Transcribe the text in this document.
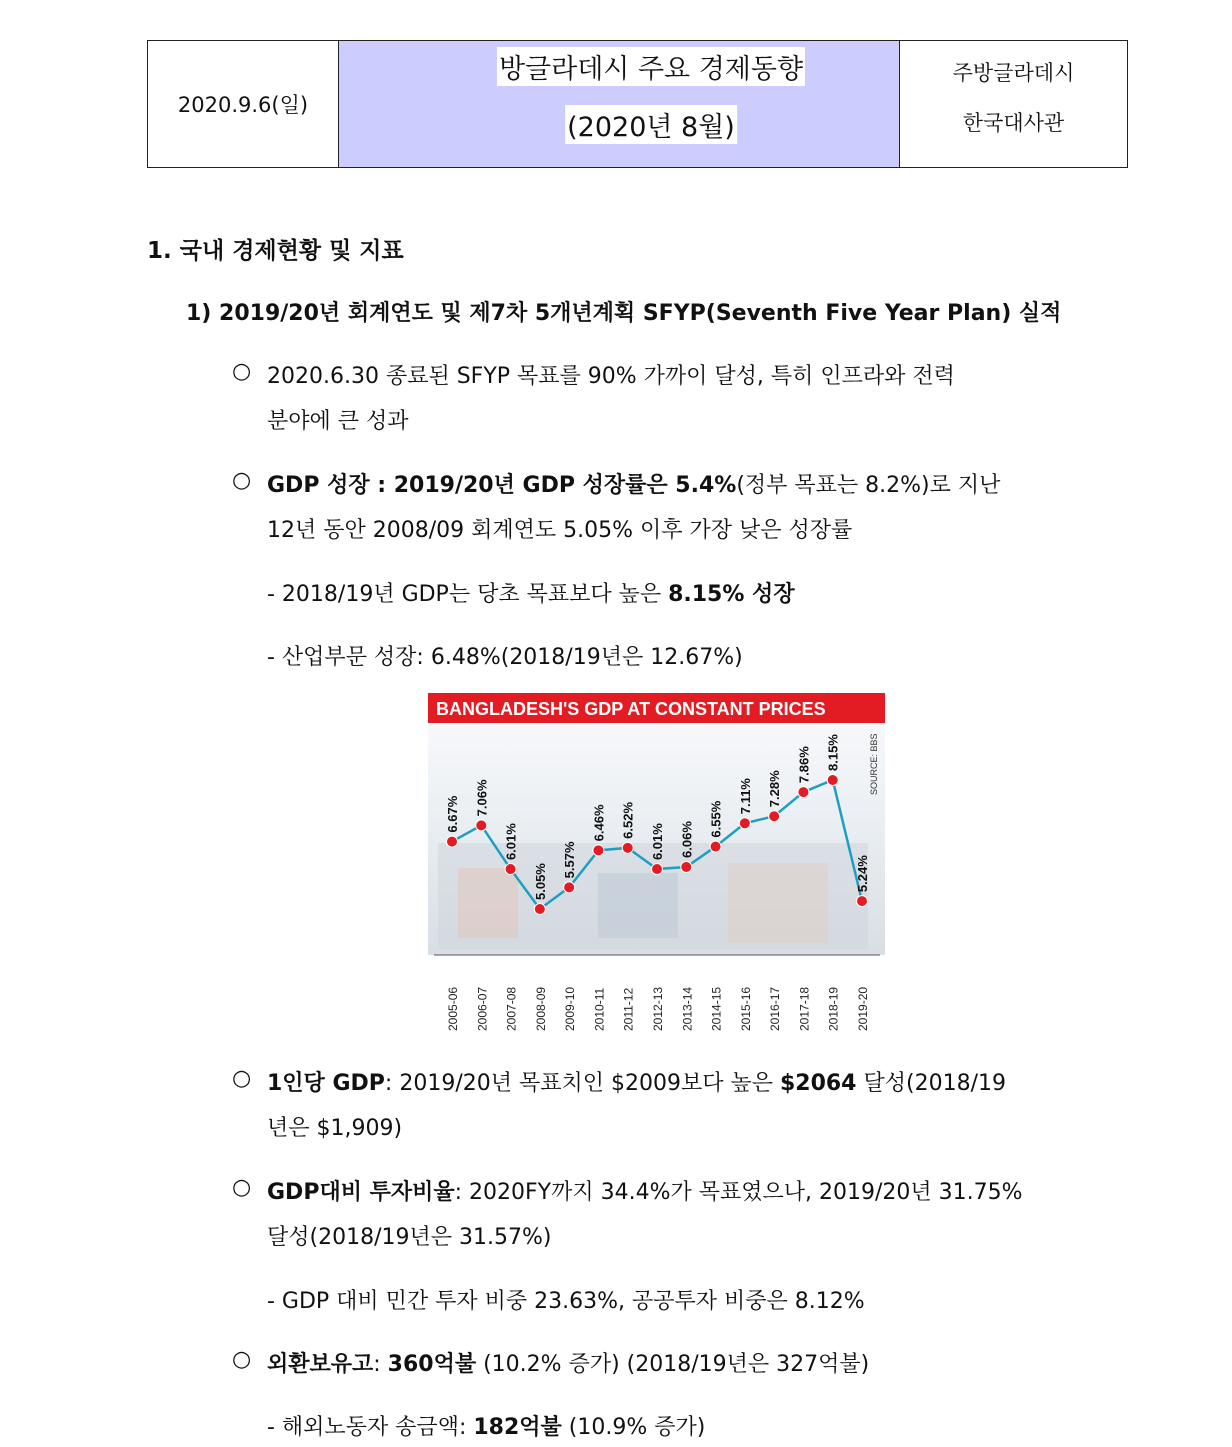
2020.9.6(일)
방글라데시 주요 경제동향
(2020년 8월)
주방글라데시
한국대사관
1. 국내 경제현황 및 지표
1) 2019/20년 회계연도 및 제7차 5개년계획 SFYP(Seventh Five Year Plan) 실적
○ 2020.6.30 종료된 SFYP 목표를 90% 가까이 달성, 특히 인프라와 전력
분야에 큰 성과
○ GDP 성장 : 2019/20년 GDP 성장률은 5.4%(정부 목표는 8.2%)로 지난
12년 동안 2008/09 회계연도 5.05% 이후 가장 낮은 성장률
- 2018/19년 GDP는 당초 목표보다 높은 8.15% 성장
- 산업부문 성장: 6.48%(2018/19년은 12.67%)
BANGLADESH'S GDP AT CONSTANT PRICES
SOURCE: BBS
6.67%
2005-06
7.06%
2006-07
6.01%
2007-08
5.05%
2008-09
5.57%
2009-10
6.46%
2010-11
6.52%
2011-12
6.01%
2012-13
6.06%
2013-14
6.55%
2014-15
7.11%
2015-16
7.28%
2016-17
7.86%
2017-18
8.15%
2018-19
5.24%
2019-20
○ 1인당 GDP: 2019/20년 목표치인 $2009보다 높은 $2064 달성(2018/19
년은 $1,909)
○ GDP대비 투자비율: 2020FY까지 34.4%가 목표였으나, 2019/20년 31.75%
달성(2018/19년은 31.57%)
- GDP 대비 민간 투자 비중 23.63%, 공공투자 비중은 8.12%
○ 외환보유고: 360억불 (10.2% 증가) (2018/19년은 327억불)
- 해외노동자 송금액: 182억불 (10.9% 증가)
